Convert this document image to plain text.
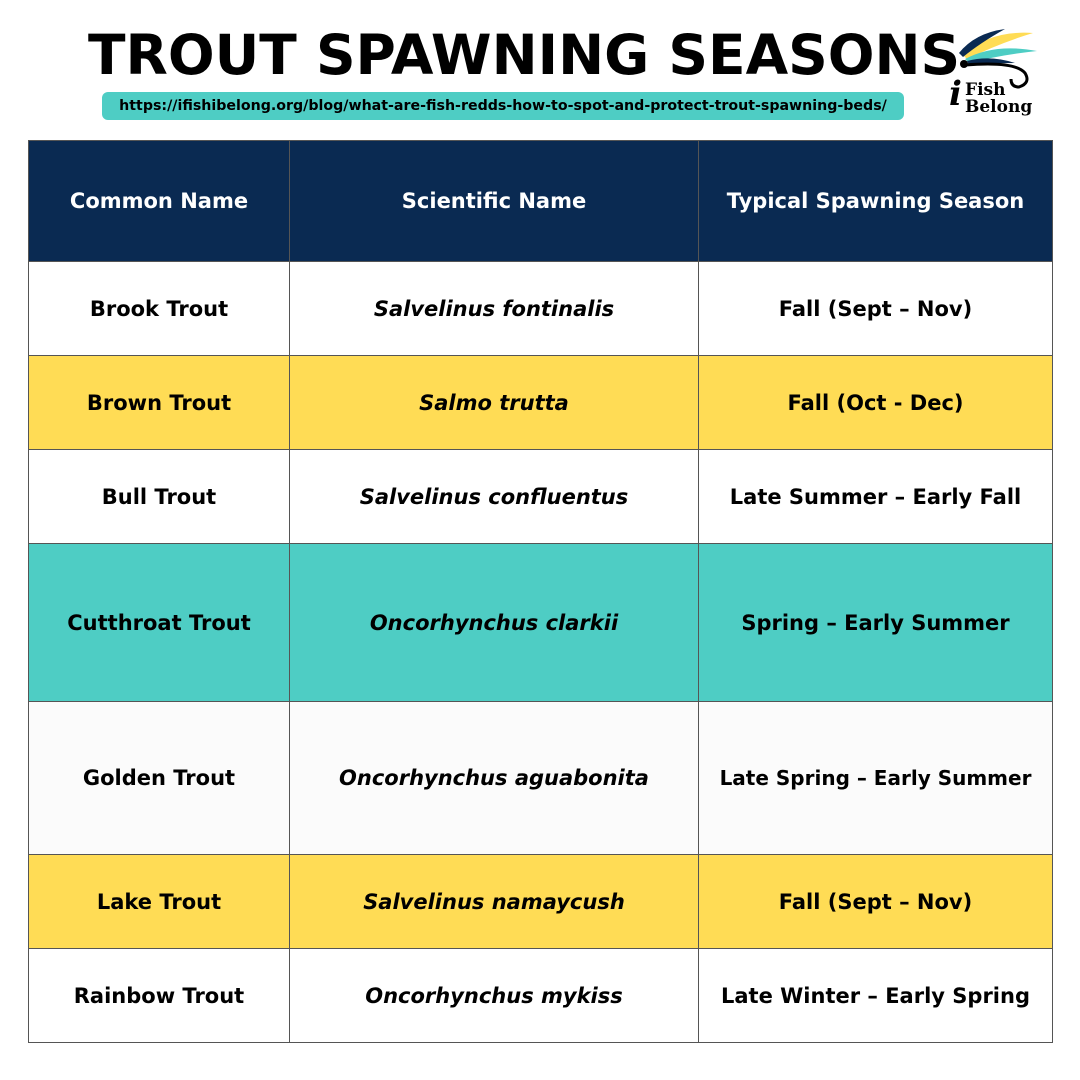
TROUT SPAWNING SEASONS
https://ifishibelong.org/blog/what-are-fish-redds-how-to-spot-and-protect-trout-spawning-beds/	i Fish
Belong
Common Name	Scientific Name	Typical Spawning Season
Brook Trout	Salvelinus fontinalis	Fall (Sept – Nov)
Brown Trout	Salmo trutta	Fall (Oct - Dec)
Bull Trout	Salvelinus confluentus	Late Summer – Early Fall
Cutthroat Trout	Oncorhynchus clarkii	Spring – Early Summer
Golden Trout	Oncorhynchus aguabonita	Late Spring – Early Summer
Lake Trout	Salvelinus namaycush	Fall (Sept – Nov)
Rainbow Trout	Oncorhynchus mykiss	Late Winter – Early Spring
